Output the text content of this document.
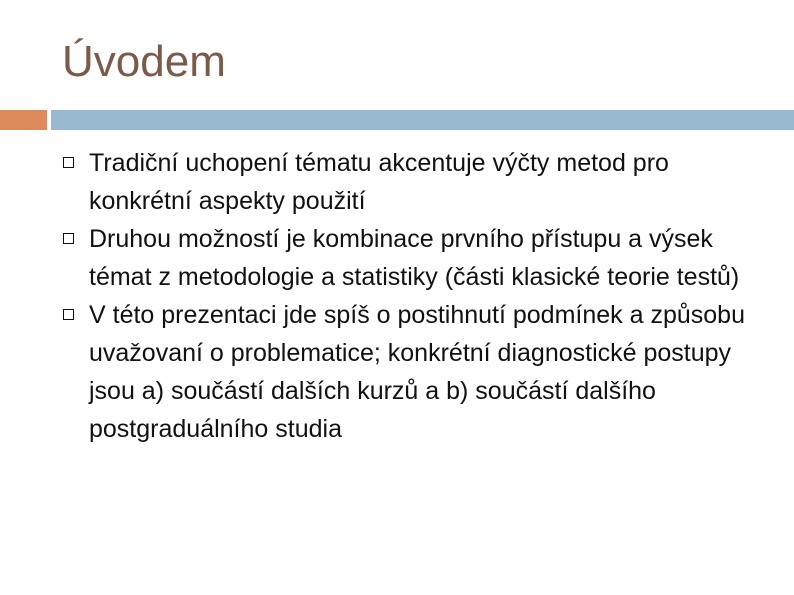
Úvodem
Tradiční uchopení tématu akcentuje výčty metod pro konkrétní aspekty použití
Druhou možností je kombinace prvního přístupu a výsek témat z metodologie a statistiky (části klasické teorie testů)
V této prezentaci jde spíš o postihnutí podmínek a způsobu uvažovaní o problematice; konkrétní diagnostické postupy jsou a) součástí dalších kurzů a b) součástí dalšího postgraduálního studia
